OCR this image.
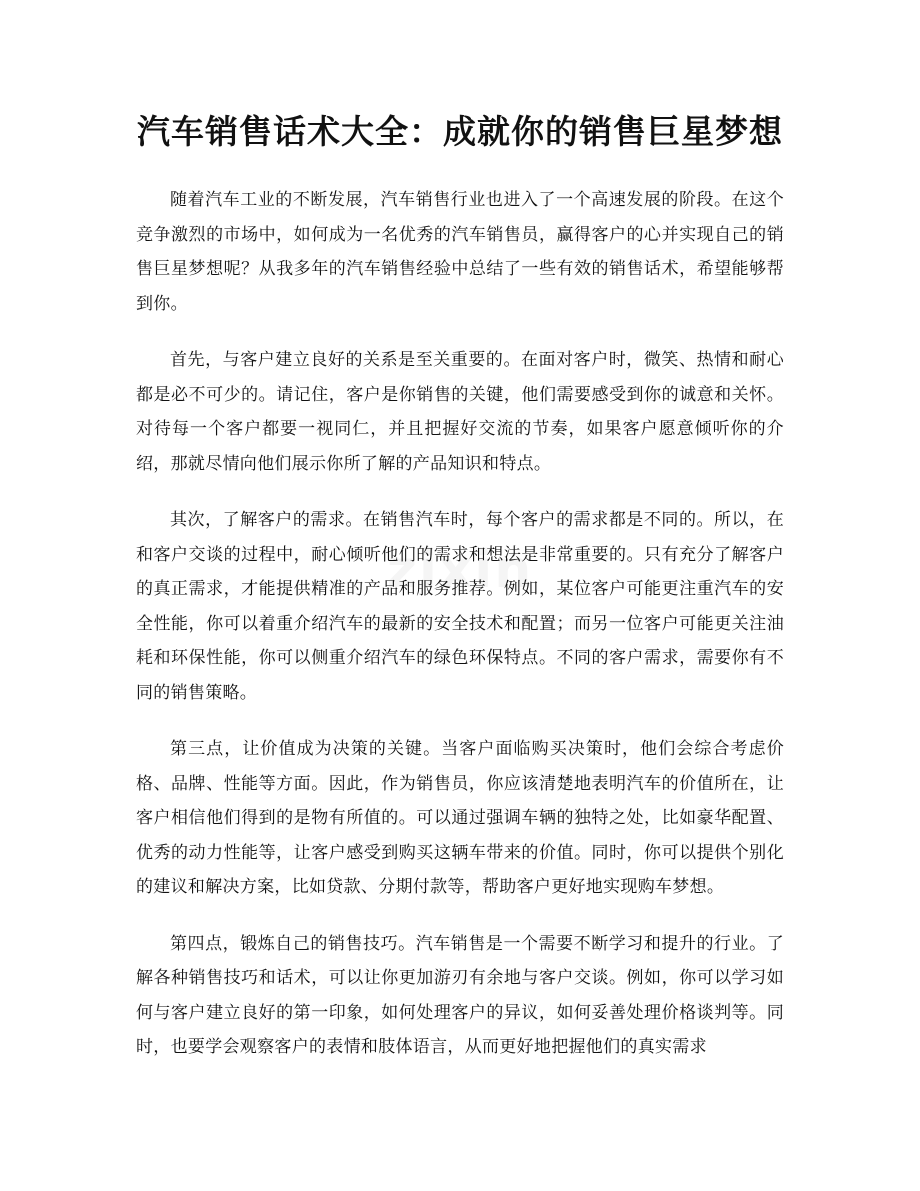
汽车销售话术大全：成就你的销售巨星梦想

随着汽车工业的不断发展，汽车销售行业也进入了一个高速发展的阶段。在这个竞争激烈的市场中，如何成为一名优秀的汽车销售员，赢得客户的心并实现自己的销售巨星梦想呢？从我多年的汽车销售经验中总结了一些有效的销售话术，希望能够帮到你。

首先，与客户建立良好的关系是至关重要的。在面对客户时，微笑、热情和耐心都是必不可少的。请记住，客户是你销售的关键，他们需要感受到你的诚意和关怀。对待每一个客户都要一视同仁，并且把握好交流的节奏，如果客户愿意倾听你的介绍，那就尽情向他们展示你所了解的产品知识和特点。

其次，了解客户的需求。在销售汽车时，每个客户的需求都是不同的。所以，在和客户交谈的过程中，耐心倾听他们的需求和想法是非常重要的。只有充分了解客户的真正需求，才能提供精准的产品和服务推荐。例如，某位客户可能更注重汽车的安全性能，你可以着重介绍汽车的最新的安全技术和配置；而另一位客户可能更关注油耗和环保性能，你可以侧重介绍汽车的绿色环保特点。不同的客户需求，需要你有不同的销售策略。

第三点，让价值成为决策的关键。当客户面临购买决策时，他们会综合考虑价格、品牌、性能等方面。因此，作为销售员，你应该清楚地表明汽车的价值所在，让客户相信他们得到的是物有所值的。可以通过强调车辆的独特之处，比如豪华配置、优秀的动力性能等，让客户感受到购买这辆车带来的价值。同时，你可以提供个别化的建议和解决方案，比如贷款、分期付款等，帮助客户更好地实现购车梦想。

第四点，锻炼自己的销售技巧。汽车销售是一个需要不断学习和提升的行业。了解各种销售技巧和话术，可以让你更加游刃有余地与客户交谈。例如，你可以学习如何与客户建立良好的第一印象，如何处理客户的异议，如何妥善处理价格谈判等。同时，也要学会观察客户的表情和肢体语言，从而更好地把握他们的真实需求
